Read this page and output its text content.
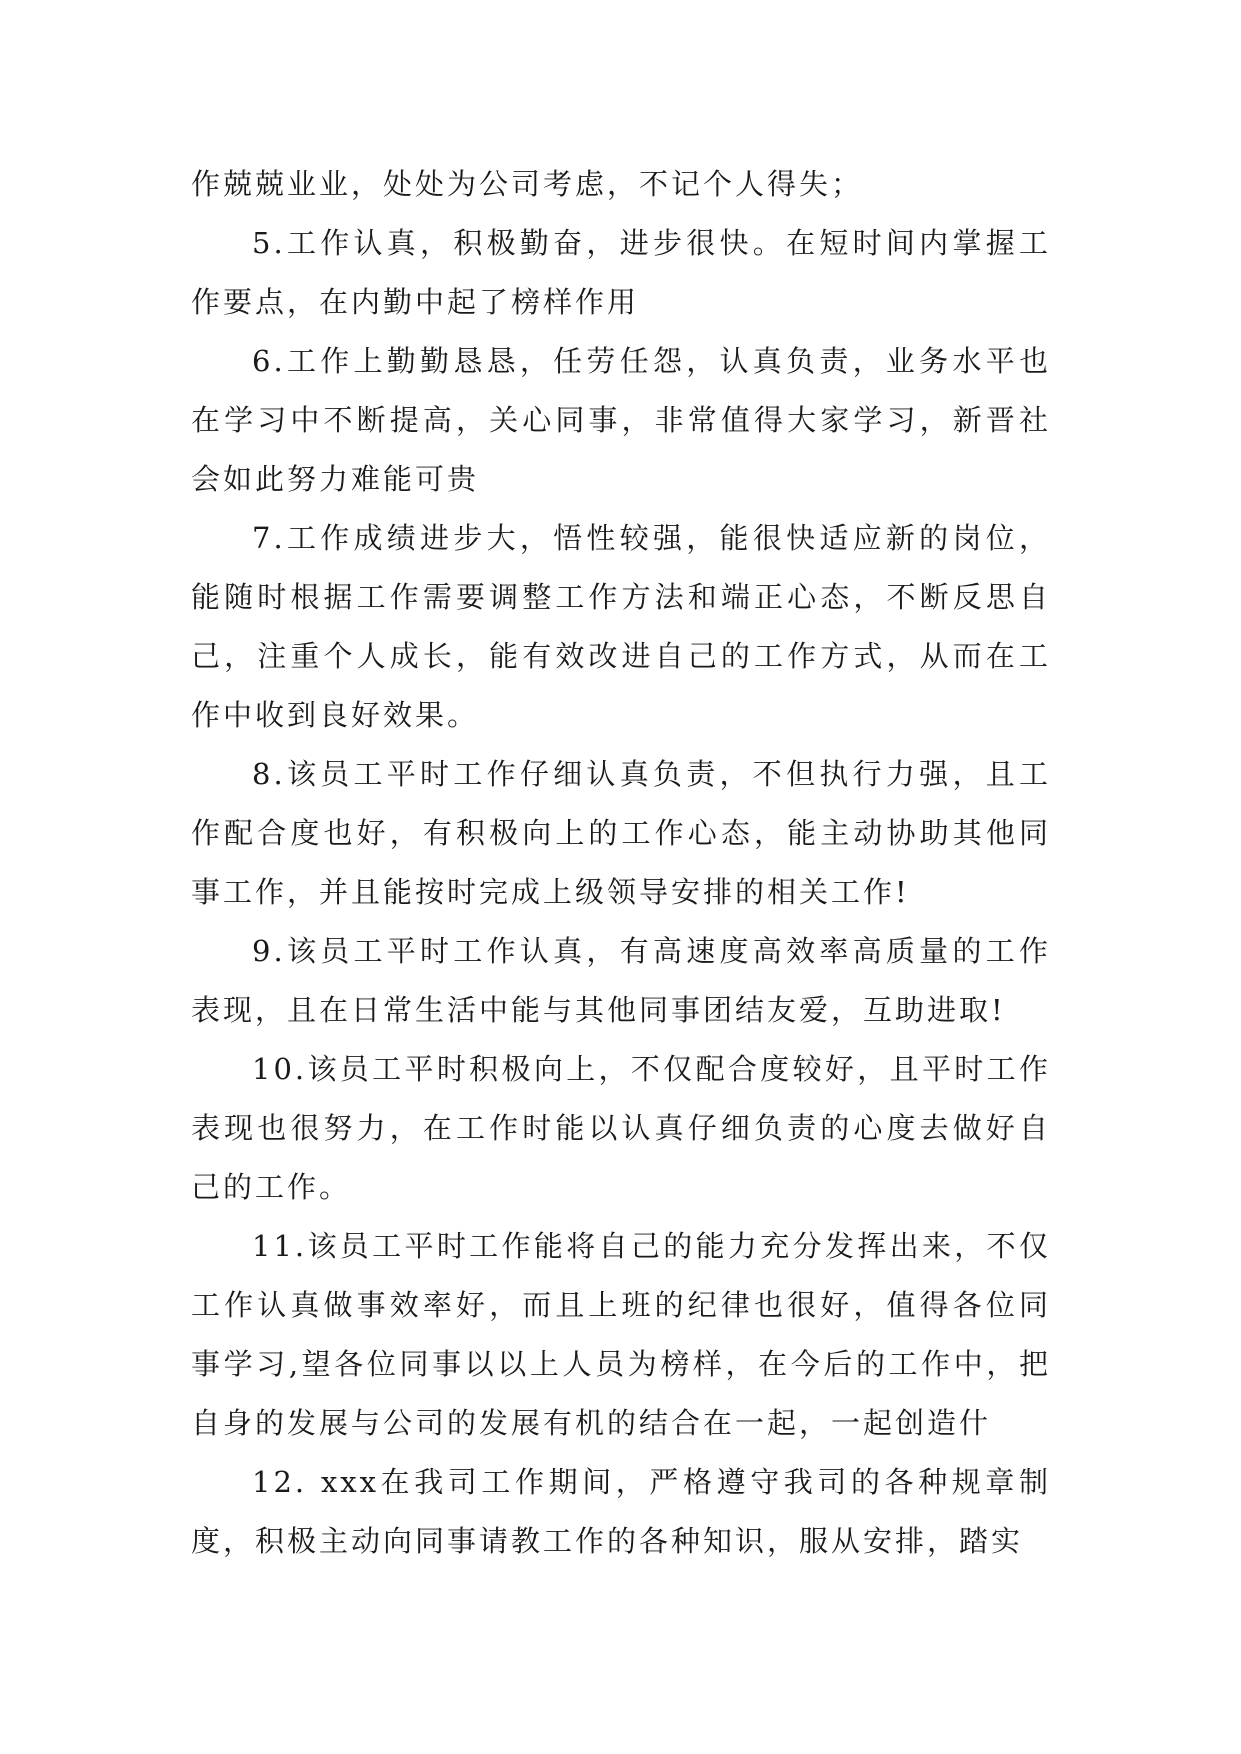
作兢兢业业，处处为公司考虑，不记个人得失；

5.工作认真，积极勤奋，进步很快。在短时间内掌握工作要点，在内勤中起了榜样作用

6.工作上勤勤恳恳，任劳任怨，认真负责，业务水平也在学习中不断提高，关心同事，非常值得大家学习，新晋社会如此努力难能可贵

7.工作成绩进步大，悟性较强，能很快适应新的岗位，能随时根据工作需要调整工作方法和端正心态，不断反思自己，注重个人成长，能有效改进自己的工作方式，从而在工作中收到良好效果。

8.该员工平时工作仔细认真负责，不但执行力强，且工作配合度也好，有积极向上的工作心态，能主动协助其他同事工作，并且能按时完成上级领导安排的相关工作!

9.该员工平时工作认真，有高速度高效率高质量的工作表现，且在日常生活中能与其他同事团结友爱，互助进取!

10.该员工平时积极向上，不仅配合度较好，且平时工作表现也很努力，在工作时能以认真仔细负责的心度去做好自己的工作。

11.该员工平时工作能将自己的能力充分发挥出来，不仅工作认真做事效率好，而且上班的纪律也很好，值得各位同事学习,望各位同事以以上人员为榜样，在今后的工作中，把自身的发展与公司的发展有机的结合在一起，一起创造什

12. xxx在我司工作期间，严格遵守我司的各种规章制度，积极主动向同事请教工作的各种知识，服从安排，踏实
